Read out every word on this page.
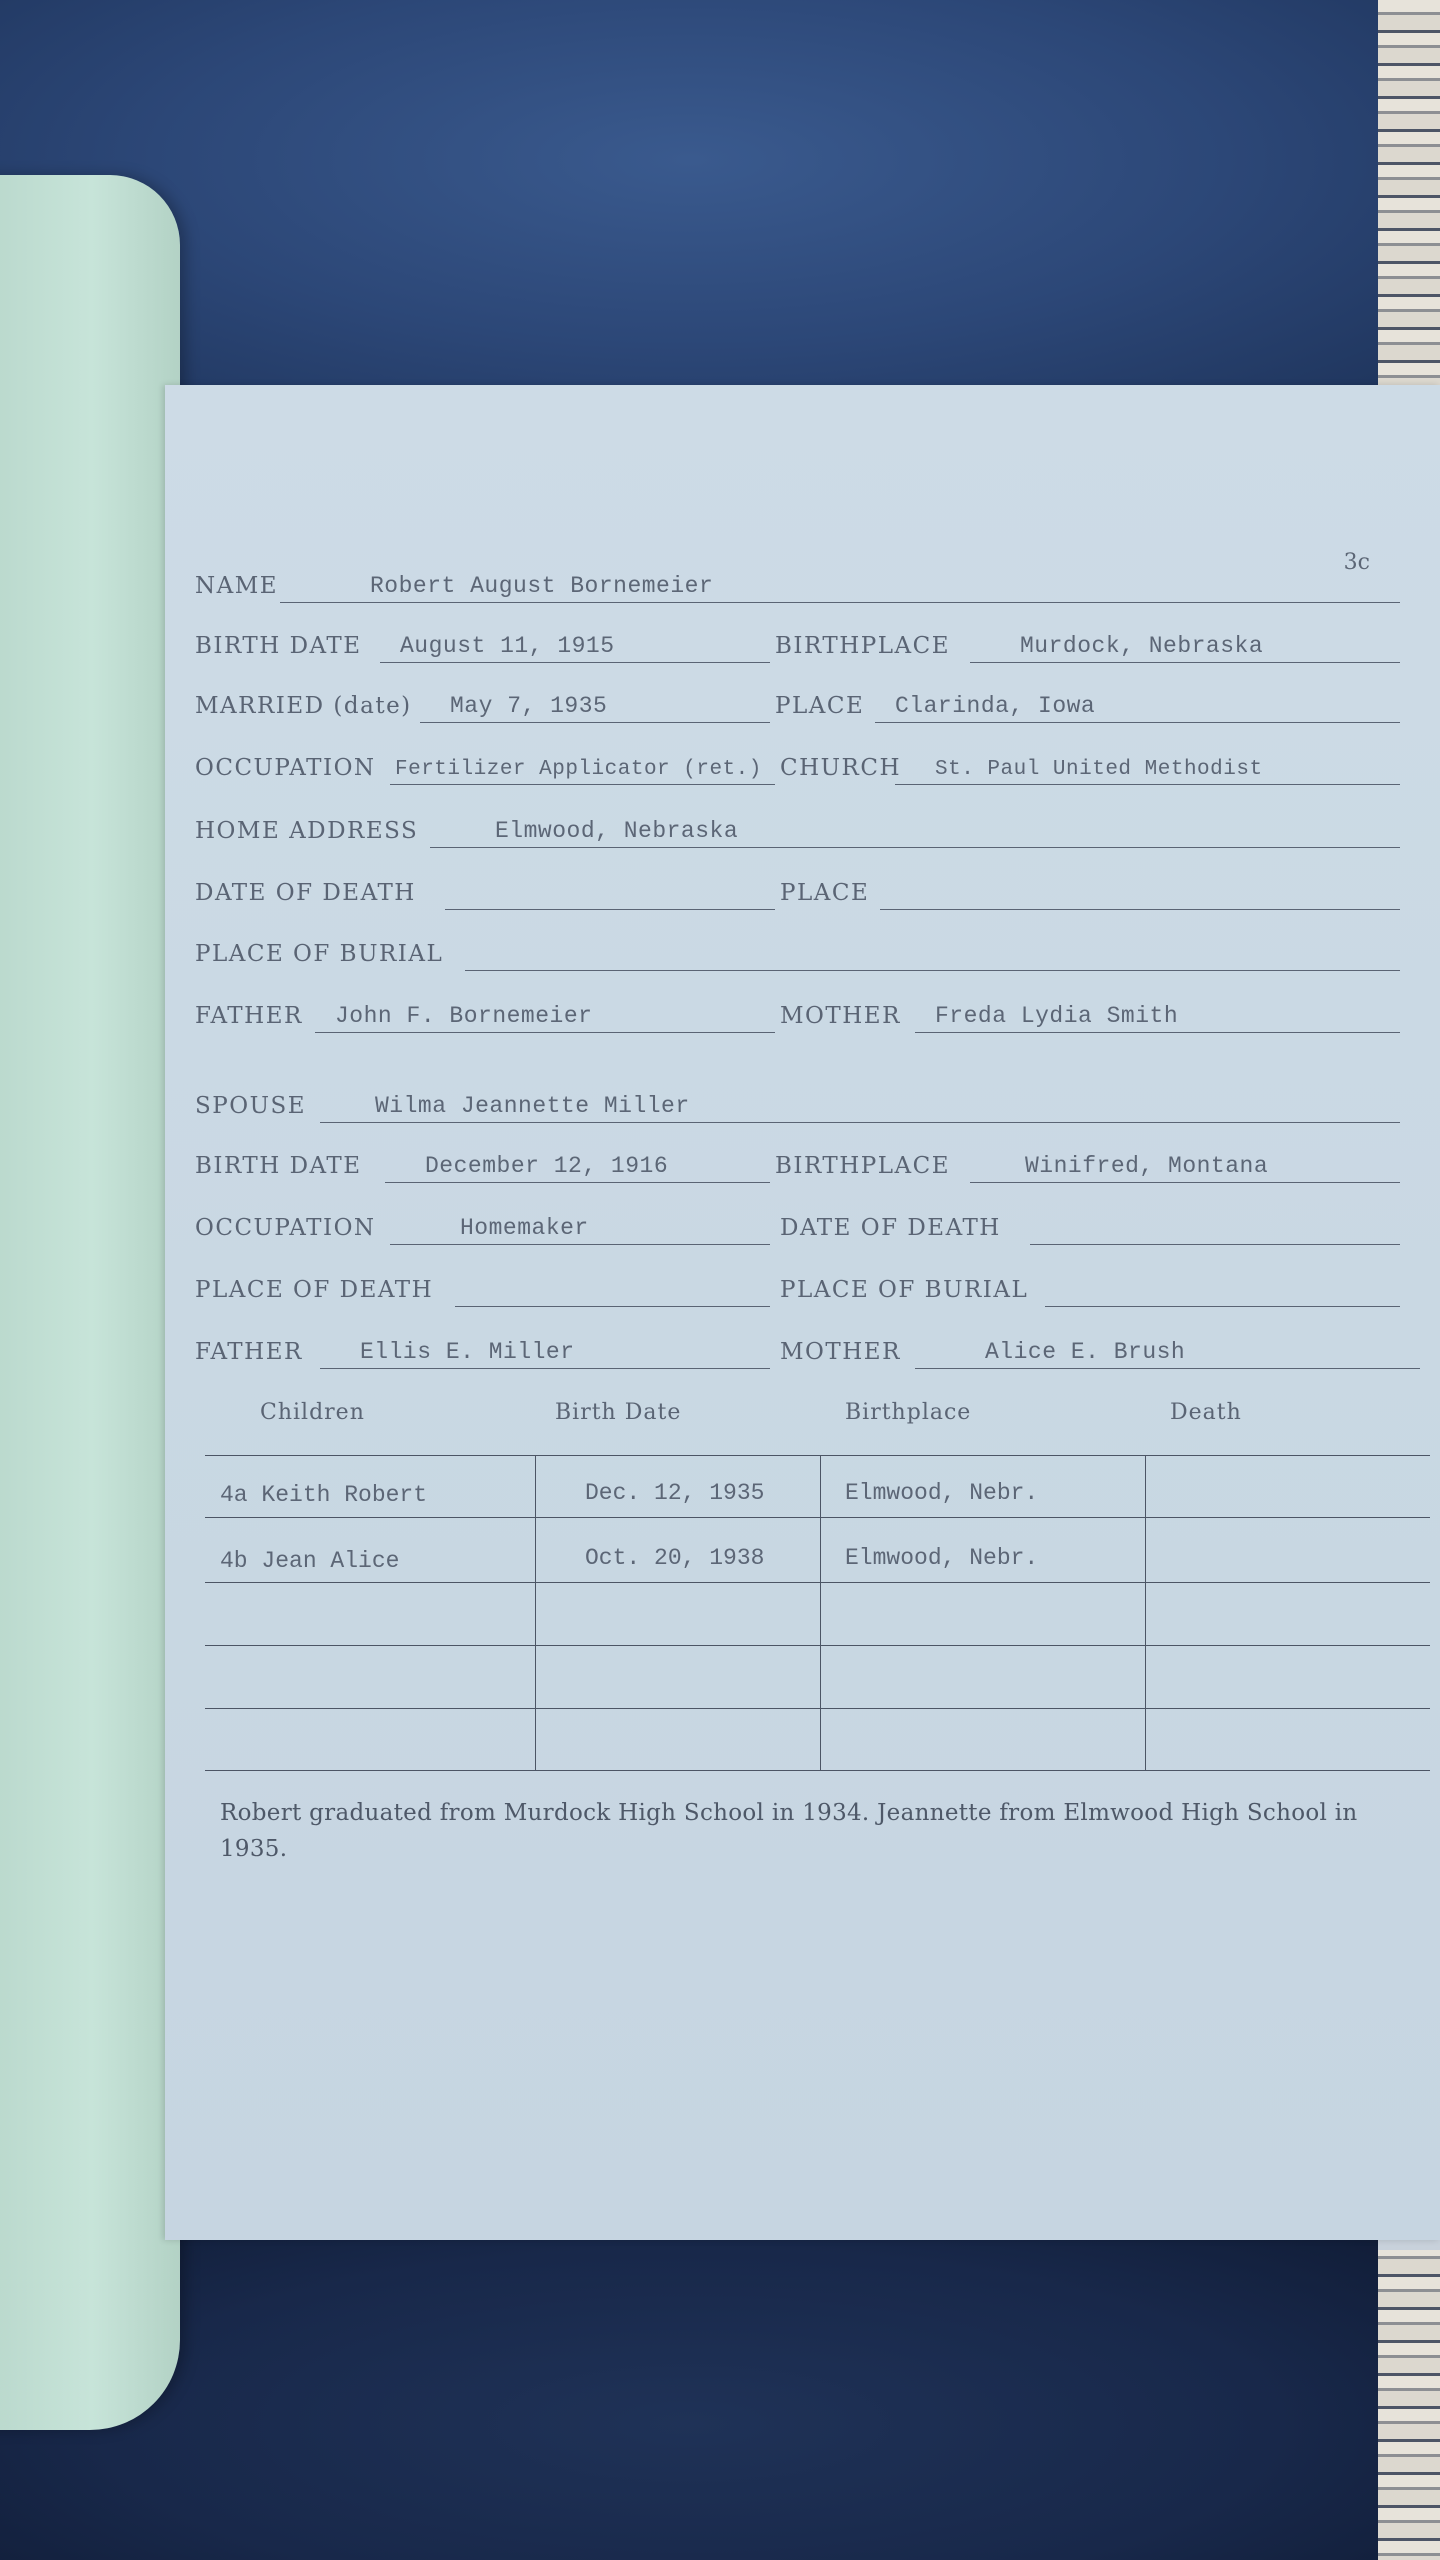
3c
NAME	Robert August Bornemeier
BIRTH DATE August 11, 1915	BIRTHPLACE	Murdock, Nebraska
MARRIED (date) May 7, 1935	PLACE Clarinda, Iowa
OCCUPATION Fertilizer Applicator (ret.) CHURCH St. Paul United Methodist
HOME ADDRESS	Elmwood, Nebraska
DATE OF DEATH	PLACE
PLACE OF BURIAL
FATHER John F. Bornemeier	MOTHER Freda Lydia Smith
SPOUSE	Wilma Jeannette Miller
BIRTH DATE	December 12, 1916	BIRTHPLACE	Winifred, Montana
OCCUPATION	Homemaker	DATE OF DEATH
PLACE OF DEATH	PLACE OF BURIAL
FATHER Ellis E. Miller	MOTHER	Alice E. Brush
Children	Birth Date	Birthplace	Death
4a Keith Robert	Dec. 12, 1935	Elmwood, Nebr.
4b Jean Alice	Oct. 20, 1938	Elmwood, Nebr.
Robert graduated from Murdock High School in 1934. Jeannette from Elmwood High School in 1935.
